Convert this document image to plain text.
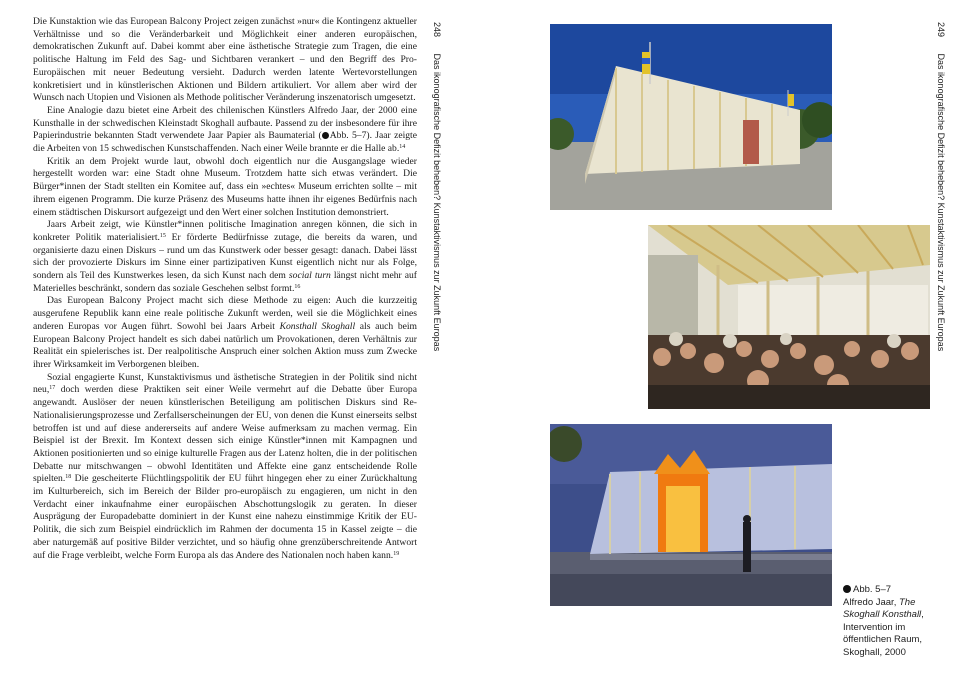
Die Kunstaktion wie das European Balcony Project zeigen zunächst »nur« die Kontingenz aktueller Verhältnisse und so die Veränderbarkeit und Möglichkeit einer anderen europäischen, demokratischen Zukunft auf. Dabei kommt aber eine ästhetische Strategie zum Tragen, die eine politische Haltung im Feld des Sag- und Sichtbaren verankert – und den Begriff des Pro-Europäischen mit neuer Bedeutung versieht. Dadurch werden latente Wertevorstellungen konkretisiert und in künstlerischen Aktionen und Bildern artikuliert. Vor allem aber wird der Wunsch nach Utopien und Visionen als Methode politischer Veränderung inszenatorisch umgesetzt.

Eine Analogie dazu bietet eine Arbeit des chilenischen Künstlers Alfredo Jaar, der 2000 eine Kunsthalle in der schwedischen Kleinstadt Skoghall aufbaute. Passend zu der insbesondere für ihre Papierindustrie bekannten Stadt verwendete Jaar Papier als Baumaterial ( Abb. 5–7). Jaar zeigte die Arbeiten von 15 schwedischen Kunstschaffenden. Nach einer Weile brannte er die Halle ab.$^{14}$

Kritik an dem Projekt wurde laut, obwohl doch eigentlich nur die Ausgangslage wieder hergestellt worden war: eine Stadt ohne Museum. Trotzdem hatte sich etwas verändert. Die Bürger*innen der Stadt stellten ein Komitee auf, dass ein »echtes« Museum errichten sollte – mit ihrem eigenen Programm. Die kurze Präsenz des Museums hatte ihnen ihr eigenes Bedürfnis nach einem städtischen Diskursort aufgezeigt und den Wert einer solchen Institution demonstriert.

Jaars Arbeit zeigt, wie Künstler*innen politische Imagination anregen können, die sich in konkreter Politik materialisiert.$^{15}$ Er förderte Bedürfnisse zutage, die bereits da waren, und organisierte dazu einen Diskurs – rund um das Kunstwerk oder besser gesagt: danach. Dabei lässt sich der provozierte Diskurs im Sinne einer partizipativen Kunst eigentlich nicht nur als Folge, sondern als Teil des Kunstwerkes lesen, da sich Kunst nach dem social turn längst nicht mehr auf Materielles beschränkt, sondern das soziale Geschehen selbst formt.$^{16}$

Das European Balcony Project macht sich diese Methode zu eigen: Auch die kurzzeitig ausgerufene Republik kann eine reale politische Zukunft werden, weil sie die Möglichkeit eines anderen Europas vor Augen führt. Sowohl bei Jaars Arbeit Konsthall Skoghall als auch beim European Balcony Project handelt es sich dabei natürlich um Provokationen, deren Verhältnis zur Realität ein spielerisches ist. Der realpolitische Anspruch einer solchen Aktion muss zum Zwecke ihrer Wirksamkeit im Verborgenen bleiben.

Sozial engagierte Kunst, Kunstaktivismus und ästhetische Strategien in der Politik sind nicht neu,$^{17}$ doch werden diese Praktiken seit einer Weile vermehrt auf die Debatte über Europa angewandt. Auslöser der neuen künstlerischen Beteiligung am politischen Diskurs sind Re-Nationalisierungsprozesse und Zerfallserscheinungen der EU, von denen die Kunst einerseits selbst betroffen ist und auf diese andererseits auf andere Weise aufmerksam zu machen vermag. Ein Beispiel ist der Brexit. Im Kontext dessen sich einige Künstler*innen mit Kampagnen und Aktionen positionierten und so einige kulturelle Fragen aus der Latenz holten, die in der politischen Debatte nur mitschwangen – obwohl Identitäten und Affekte eine ganz entscheidende Rolle spielten.$^{18}$ Die gescheiterte Flüchtlingspolitik der EU führt hingegen eher zu einer Zurückhaltung im Kulturbereich, sich im Bereich der Bilder pro-europäisch zu engagieren, um nicht in den Verdacht einer inkaufnahme einer europäischen Abschottungslogik zu geraten. In dieser Ausprägung der Europadebatte dominiert in der Kunst eine nahezu einstimmige Kritik der EU-Politik, die sich zum Beispiel eindrücklich im Rahmen der documenta 15 in Kassel zeigte – die aber naturgemäß auf positive Bilder verzichtet, und so häufig ohne grenzüberschreitende Antwort auf die Frage verbleibt, welche Form Europa als das Andere des Nationalen noch haben kann.$^{19}$

248 Das ikonografische Defizit beheben? Kunstaktivismus zur Zukunft Europas
Abb. 5–7
Alfredo Jaar, The
Skoghall Konsthall,
Intervention im
öffentlichen Raum,
Skoghall, 2000
249 Das ikonografische Defizit beheben? Kunstaktivismus zur Zukunft Europas
